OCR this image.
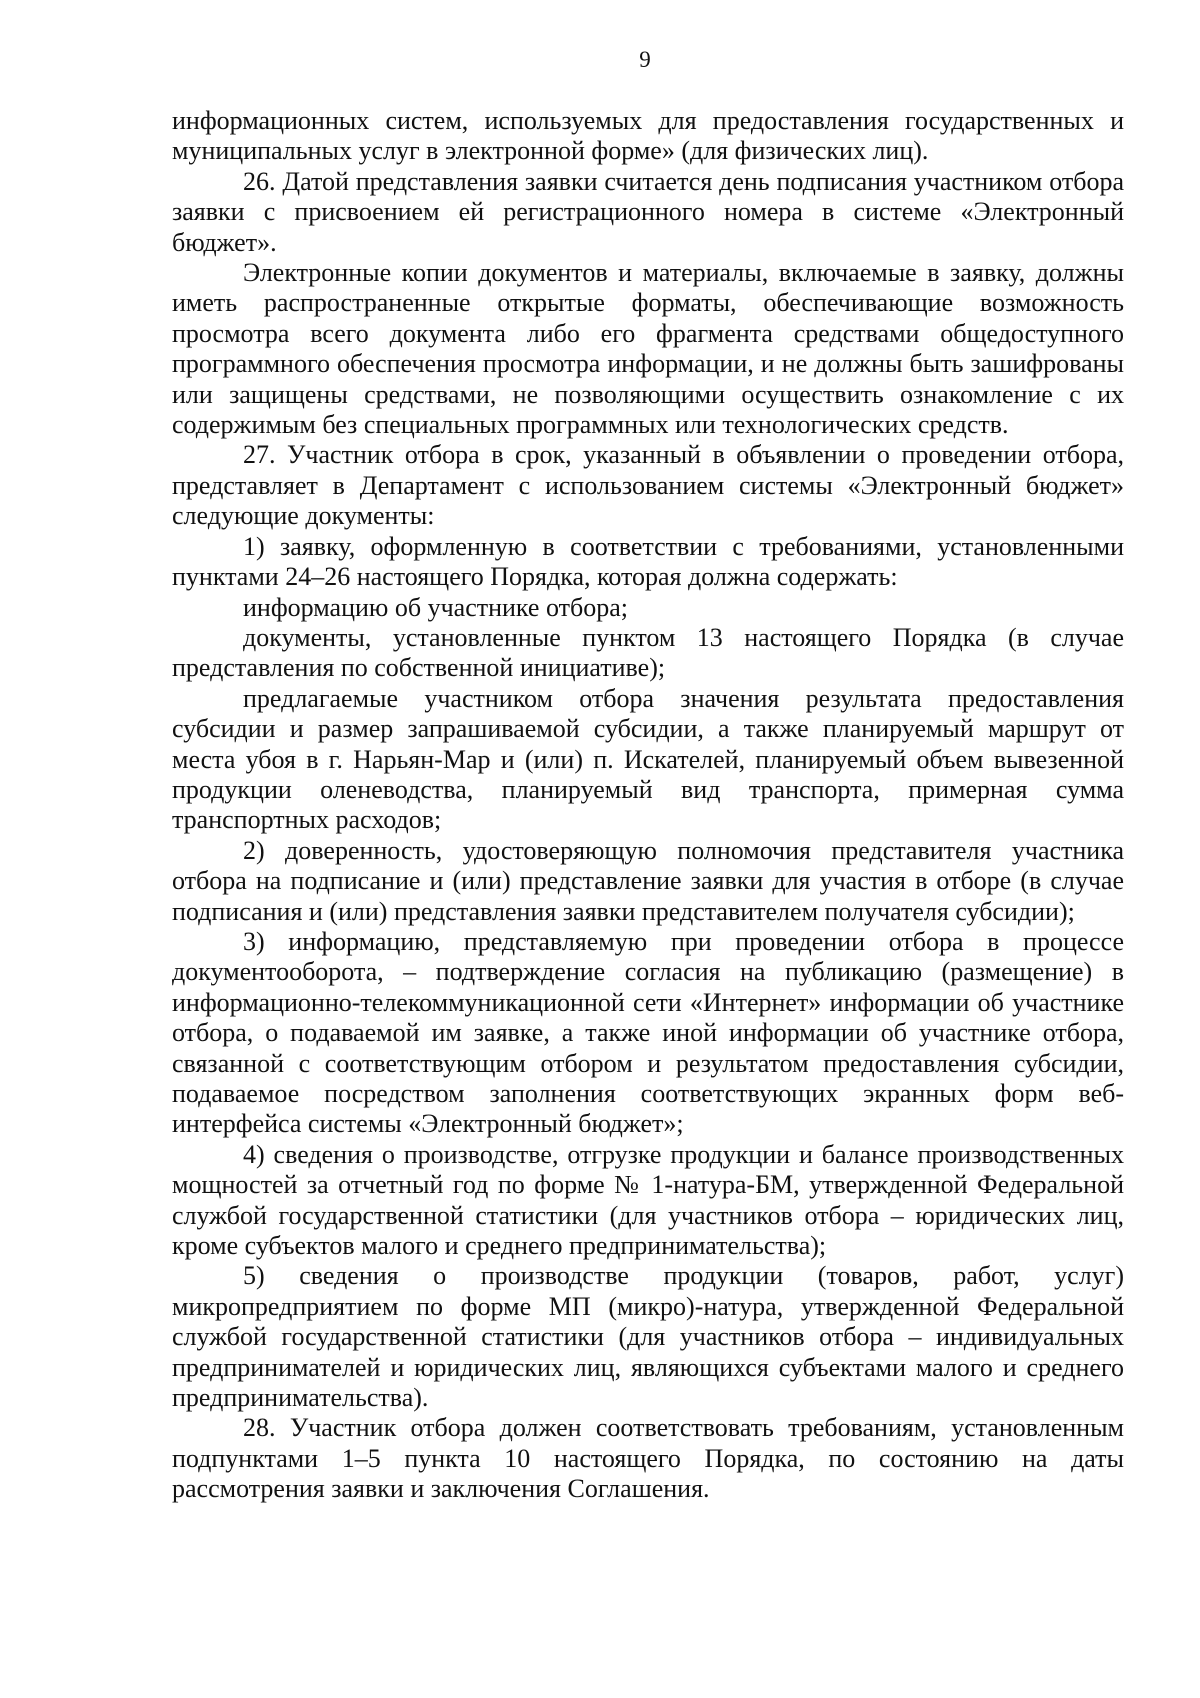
9

информационных систем, используемых для предоставления государственных и муниципальных услуг в электронной форме» (для физических лиц).

26. Датой представления заявки считается день подписания участником отбора заявки с присвоением ей регистрационного номера в системе «Электронный бюджет».

Электронные копии документов и материалы, включаемые в заявку, должны иметь распространенные открытые форматы, обеспечивающие возможность просмотра всего документа либо его фрагмента средствами общедоступного программного обеспечения просмотра информации, и не должны быть зашифрованы или защищены средствами, не позволяющими осуществить ознакомление с их содержимым без специальных программных или технологических средств.

27. Участник отбора в срок, указанный в объявлении о проведении отбора, представляет в Департамент с использованием системы «Электронный бюджет» следующие документы:

1) заявку, оформленную в соответствии с требованиями, установленными пунктами 24–26 настоящего Порядка, которая должна содержать:

информацию об участнике отбора;

документы, установленные пунктом 13 настоящего Порядка (в случае представления по собственной инициативе);

предлагаемые участником отбора значения результата предоставления субсидии и размер запрашиваемой субсидии, а также планируемый маршрут от места убоя в г. Нарьян-Мар и (или) п. Искателей, планируемый объем вывезенной продукции оленеводства, планируемый вид транспорта, примерная сумма транспортных расходов;

2) доверенность, удостоверяющую полномочия представителя участника отбора на подписание и (или) представление заявки для участия в отборе (в случае подписания и (или) представления заявки представителем получателя субсидии);

3) информацию, представляемую при проведении отбора в процессе документооборота, – подтверждение согласия на публикацию (размещение) в информационно-телекоммуникационной сети «Интернет» информации об участнике отбора, о подаваемой им заявке, а также иной информации об участнике отбора, связанной с соответствующим отбором и результатом предоставления субсидии, подаваемое посредством заполнения соответствующих экранных форм веб-интерфейса системы «Электронный бюджет»;

4) сведения о производстве, отгрузке продукции и балансе производственных мощностей за отчетный год по форме № 1-натура-БМ, утвержденной Федеральной службой государственной статистики (для участников отбора – юридических лиц, кроме субъектов малого и среднего предпринимательства);

5) сведения о производстве продукции (товаров, работ, услуг) микропредприятием по форме МП (микро)-натура, утвержденной Федеральной службой государственной статистики (для участников отбора – индивидуальных предпринимателей и юридических лиц, являющихся субъектами малого и среднего предпринимательства).

28. Участник отбора должен соответствовать требованиям, установленным подпунктами 1–5 пункта 10 настоящего Порядка, по состоянию на даты рассмотрения заявки и заключения Соглашения.
